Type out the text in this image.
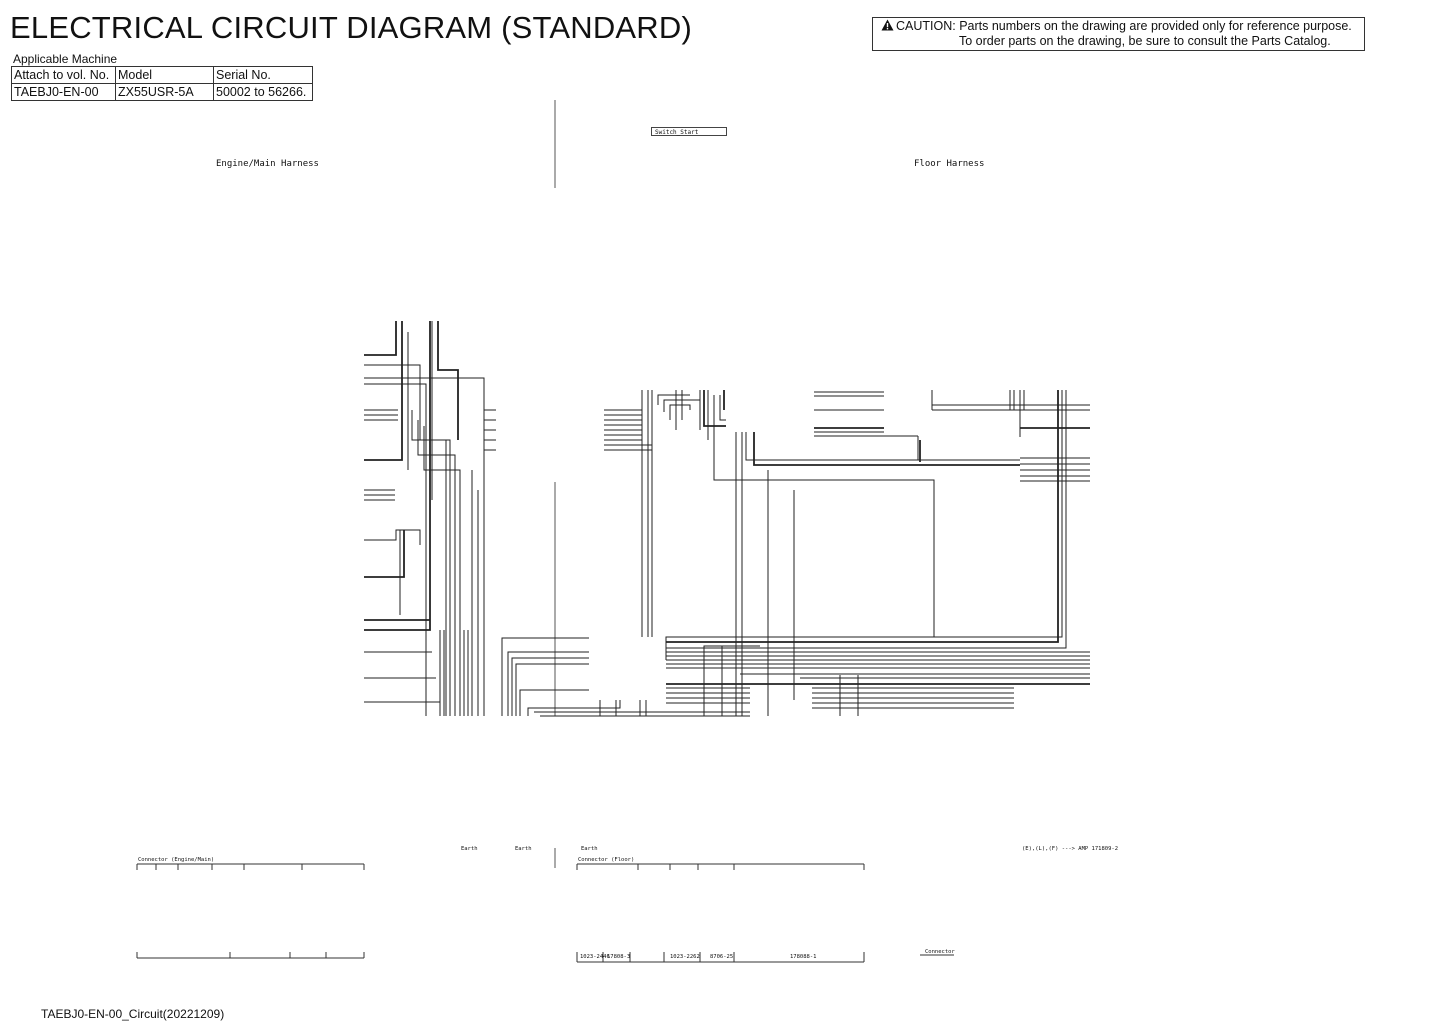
ELECTRICAL CIRCUIT DIAGRAM (STANDARD)	CAUTION: Parts numbers on the drawing are provided only for reference purpose.
To order parts on the drawing, be sure to consult the Parts Catalog.
Applicable Machine
Attach to vol. No.	Model	Serial No.
TAEBJ0-EN-00	ZX55USR-5A	50002 to 56266.
Engine/Main Harness	Floor Harness
Switch_Start
Earth	Earth	Earth
Connector (Engine/Main)	Connector (Floor)
(E),(L),(F) ---> AMP 171809-2
Connector
1023-2446
17808-3	1023-2262 8706-25	178088-1
TAEBJ0-EN-00_Circuit(20221209)
